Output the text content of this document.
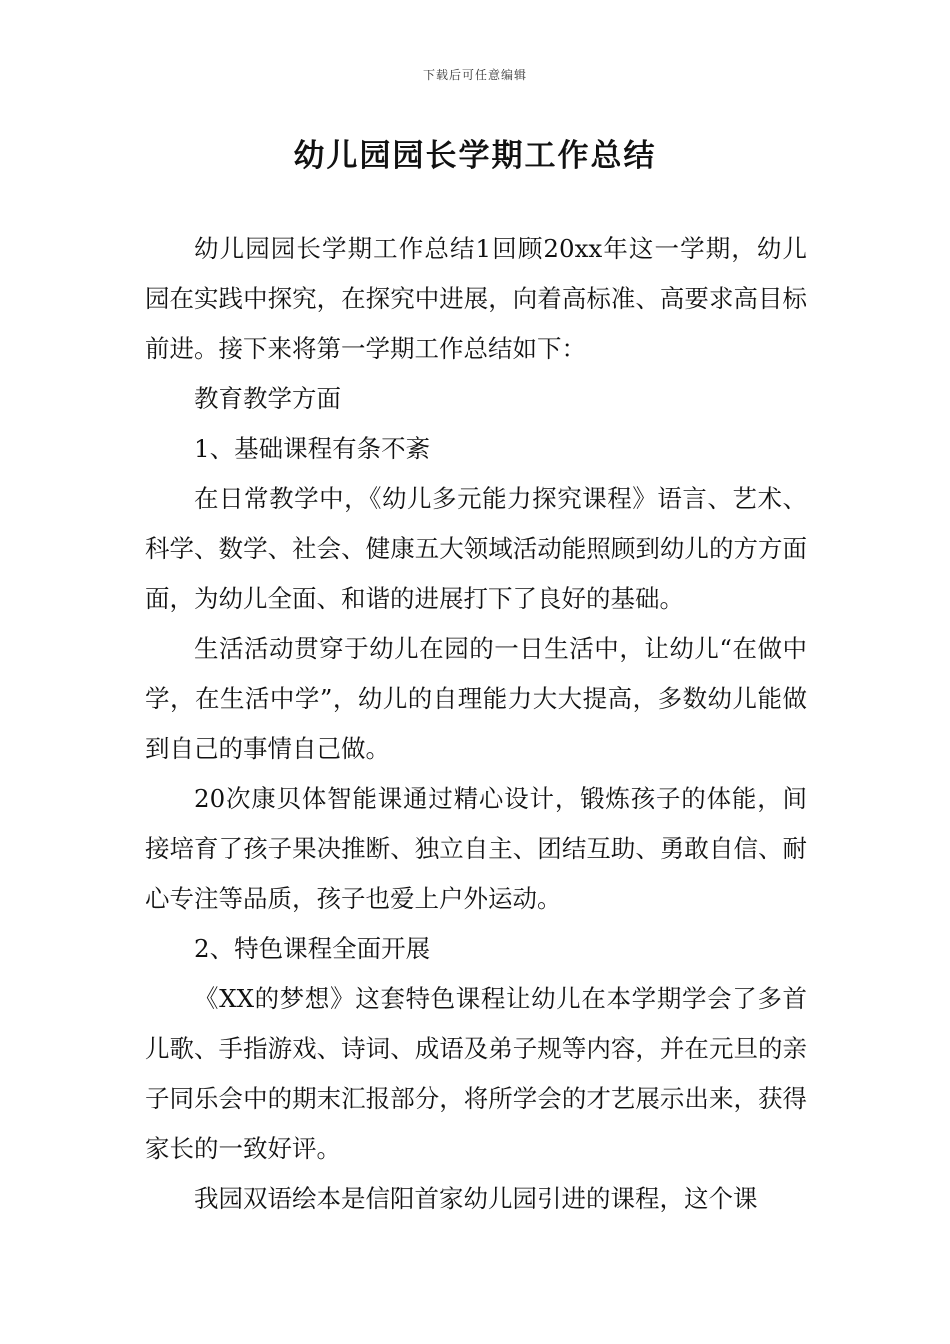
下载后可任意编辑
幼儿园园长学期工作总结

幼儿园园长学期工作总结1回顾20xx年这一学期，幼儿园在实践中探究，在探究中进展，向着高标准、高要求高目标前进。接下来将第一学期工作总结如下：

教育教学方面

1、基础课程有条不紊

在日常教学中，《幼儿多元能力探究课程》语言、艺术、科学、数学、社会、健康五大领域活动能照顾到幼儿的方方面面，为幼儿全面、和谐的进展打下了良好的基础。

生活活动贯穿于幼儿在园的一日生活中，让幼儿“在做中学，在生活中学”，幼儿的自理能力大大提高，多数幼儿能做到自己的事情自己做。

20次康贝体智能课通过精心设计，锻炼孩子的体能，间接培育了孩子果决推断、独立自主、团结互助、勇敢自信、耐心专注等品质，孩子也爱上户外运动。

2、特色课程全面开展

《XX的梦想》这套特色课程让幼儿在本学期学会了多首儿歌、手指游戏、诗词、成语及弟子规等内容，并在元旦的亲子同乐会中的期末汇报部分，将所学会的才艺展示出来，获得家长的一致好评。

我园双语绘本是信阳首家幼儿园引进的课程，这个课
